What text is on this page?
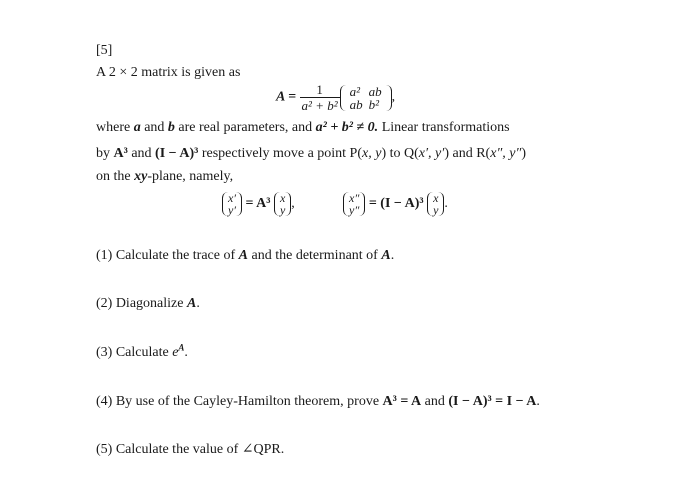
[5]
A 2 × 2 matrix is given as
$A = \frac{1}{\text{a² + b²}} a^2$	ab
ab	b² ,
where a and b are real parameters, and a² + b² ≠ 0. Linear transformations
by A³ and (I − A)³ respectively move a point P(x, y) to Q(x′, y′) and R(x″, y″)
on the xy-plane, namely,
x′
y′ = A³ x
y ,	x″
y″ = (I − A)³ x
y .
(1) Calculate the trace of A and the determinant of A.
(2) Diagonalize A.
(3) Calculate $e^A$.
(4) By use of the Cayley-Hamilton theorem, prove A³ = A and (I − A)³ = I − A.
(5) Calculate the value of ∠QPR.
